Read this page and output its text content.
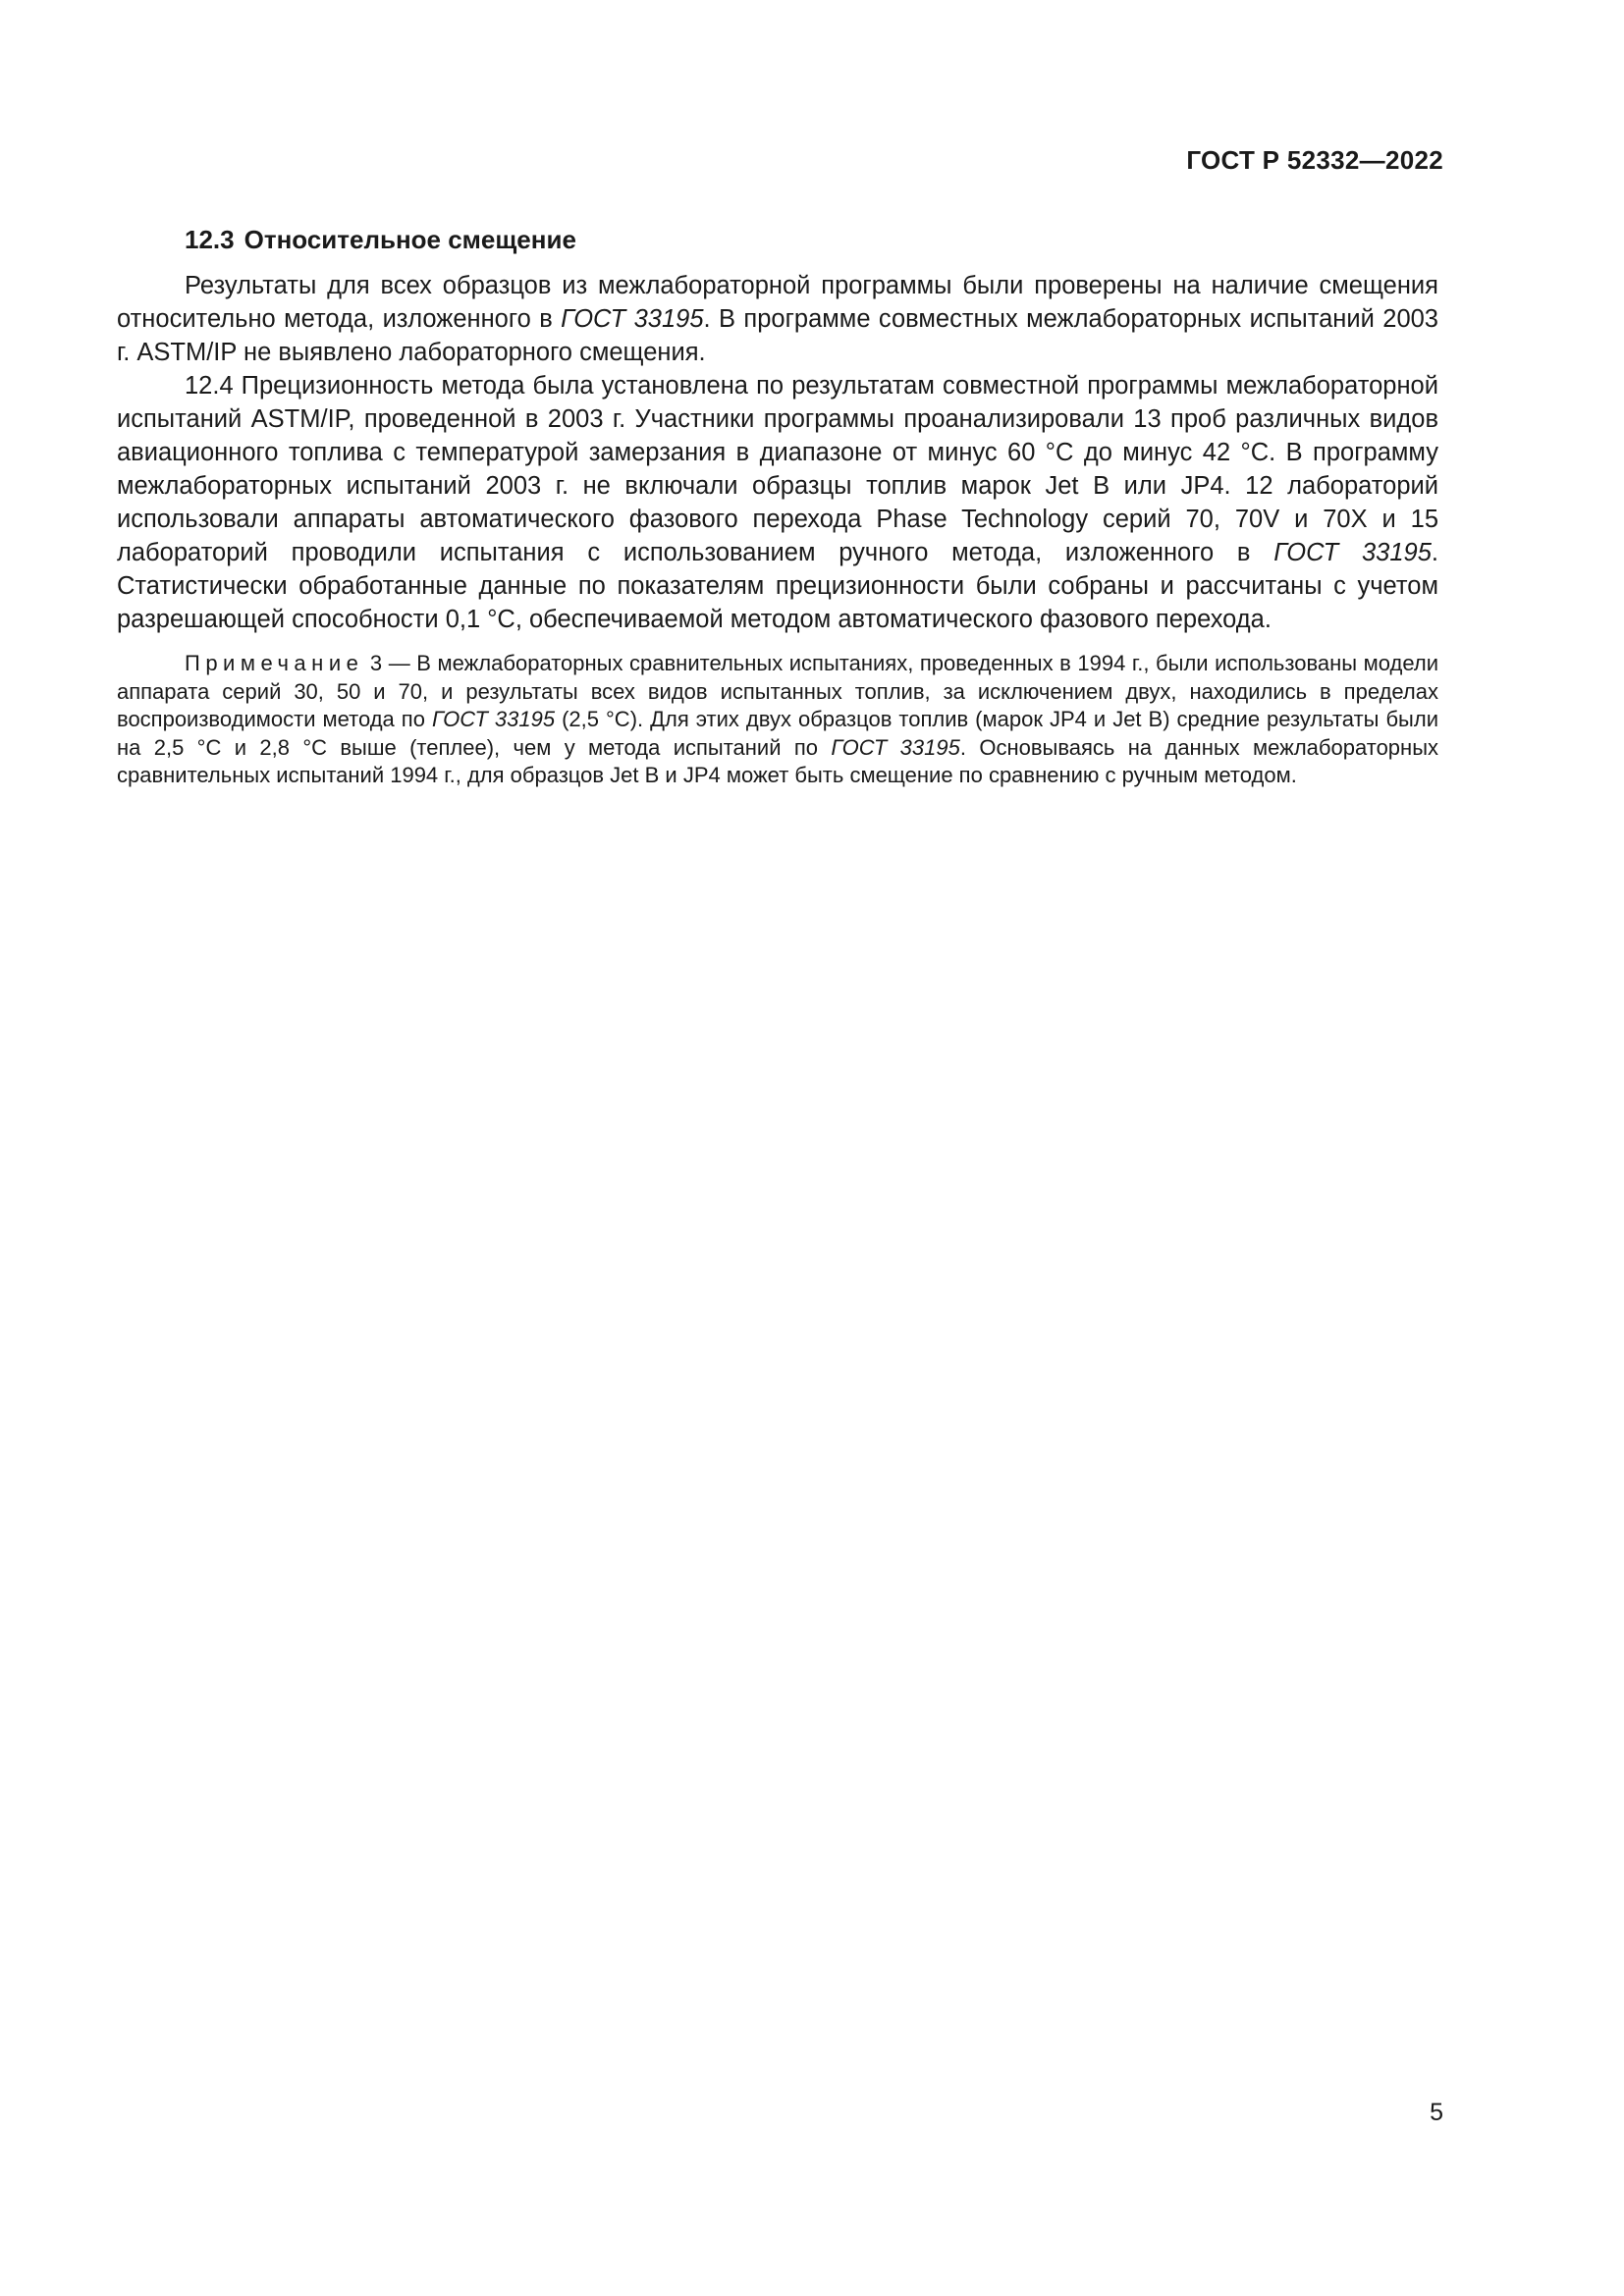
ГОСТ Р 52332—2022
12.3 Относительное смещение

Результаты для всех образцов из межлабораторной программы были проверены на наличие смещения относительно метода, изложенного в ГОСТ 33195. В программе совместных межлабораторных испытаний 2003 г. ASTM/IP не выявлено лабораторного смещения.

12.4 Прецизионность метода была установлена по результатам совместной программы межлабораторной испытаний ASTM/IP, проведенной в 2003 г. Участники программы проанализировали 13 проб различных видов авиационного топлива с температурой замерзания в диапазоне от минус 60 °С до минус 42 °С. В программу межлабораторных испытаний 2003 г. не включали образцы топлив марок Jet B или JP4. 12 лабораторий использовали аппараты автоматического фазового перехода Phase Technology серий 70, 70V и 70X и 15 лабораторий проводили испытания с использованием ручного метода, изложенного в ГОСТ 33195. Статистически обработанные данные по показателям прецизионности были собраны и рассчитаны с учетом разрешающей способности 0,1 °С, обеспечиваемой методом автоматического фазового перехода.

Примечание 3 — В межлабораторных сравнительных испытаниях, проведенных в 1994 г., были использованы модели аппарата серий 30, 50 и 70, и результаты всех видов испытанных топлив, за исключением двух, находились в пределах воспроизводимости метода по ГОСТ 33195 (2,5 °С). Для этих двух образцов топлив (марок JP4 и Jet B) средние результаты были на 2,5 °С и 2,8 °С выше (теплее), чем у метода испытаний по ГОСТ 33195. Основываясь на данных межлабораторных сравнительных испытаний 1994 г., для образцов Jet B и JP4 может быть смещение по сравнению с ручным методом.

5
